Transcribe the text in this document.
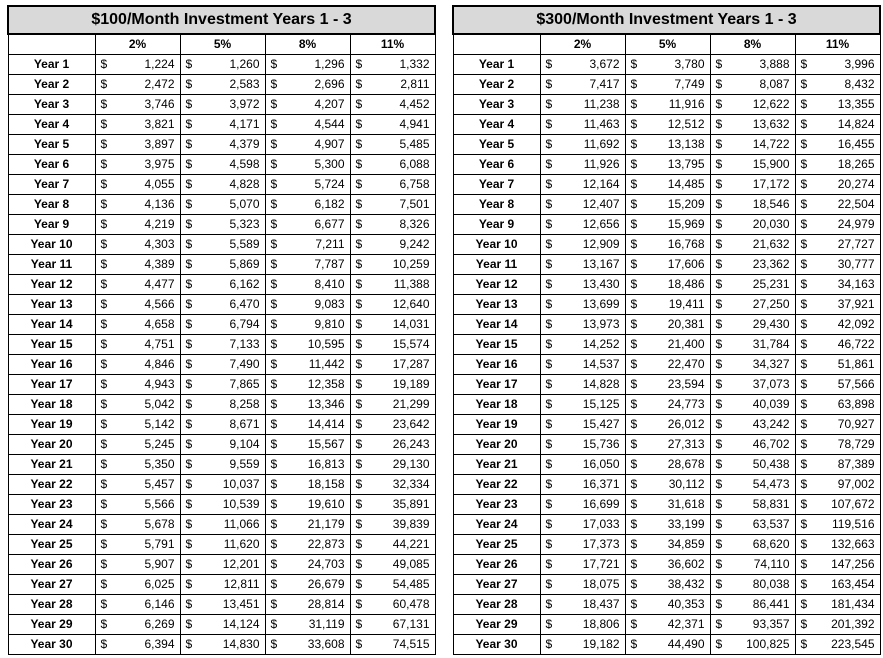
$100/Month Investment Years 1 - 3				
	2%	5%	8%	11%
Year 1	$ 1,224	$ 1,260	$ 1,296	$ 1,332

Year 2	$ 2,472	$ 2,583	$ 2,696	$ 2,811

Year 3	$ 3,746	$ 3,972	$ 4,207	$ 4,452

Year 4	$ 3,821	$ 4,171	$ 4,544	$ 4,941

Year 5	$ 3,897	$ 4,379	$ 4,907	$ 5,485

Year 6	$ 3,975	$ 4,598	$ 5,300	$ 6,088

Year 7	$ 4,055	$ 4,828	$ 5,724	$ 6,758

Year 8	$ 4,136	$ 5,070	$ 6,182	$ 7,501

Year 9	$ 4,219	$ 5,323	$ 6,677	$ 8,326

Year 10	$ 4,303	$ 5,589	$ 7,211	$ 9,242

Year 11	$ 4,389	$ 5,869	$ 7,787	$ 10,259

Year 12	$ 4,477	$ 6,162	$ 8,410	$ 11,388

Year 13	$ 4,566	$ 6,470	$ 9,083	$ 12,640

Year 14	$ 4,658	$ 6,794	$ 9,810	$ 14,031

Year 15	$ 4,751	$ 7,133	$ 10,595	$ 15,574

Year 16	$ 4,846	$ 7,490	$ 11,442	$ 17,287

Year 17	$ 4,943	$ 7,865	$ 12,358	$ 19,189

Year 18	$ 5,042	$ 8,258	$ 13,346	$ 21,299

Year 19	$ 5,142	$ 8,671	$ 14,414	$ 23,642

Year 20	$ 5,245	$ 9,104	$ 15,567	$ 26,243

Year 21	$ 5,350	$ 9,559	$ 16,813	$ 29,130

Year 22	$ 5,457	$ 10,037	$ 18,158	$ 32,334

Year 23	$ 5,566	$ 10,539	$ 19,610	$ 35,891

Year 24	$ 5,678	$ 11,066	$ 21,179	$ 39,839

Year 25	$ 5,791	$ 11,620	$ 22,873	$ 44,221

Year 26	$ 5,907	$ 12,201	$ 24,703	$ 49,085

Year 27	$ 6,025	$ 12,811	$ 26,679	$ 54,485

Year 28	$ 6,146	$ 13,451	$ 28,814	$ 60,478

Year 29	$ 6,269	$ 14,124	$ 31,119	$ 67,131

Year 30	$ 6,394	$ 14,830	$ 33,608	$ 74,515
$300/Month Investment Years 1 - 3				
	2%	5%	8%	11%
Year 1	$ 3,672	$ 3,780	$ 3,888	$ 3,996

Year 2	$ 7,417	$ 7,749	$ 8,087	$ 8,432

Year 3	$ 11,238	$ 11,916	$ 12,622	$ 13,355

Year 4	$ 11,463	$ 12,512	$ 13,632	$ 14,824

Year 5	$ 11,692	$ 13,138	$ 14,722	$ 16,455

Year 6	$ 11,926	$ 13,795	$ 15,900	$ 18,265

Year 7	$ 12,164	$ 14,485	$ 17,172	$ 20,274

Year 8	$ 12,407	$ 15,209	$ 18,546	$ 22,504

Year 9	$ 12,656	$ 15,969	$ 20,030	$ 24,979

Year 10	$ 12,909	$ 16,768	$ 21,632	$ 27,727

Year 11	$ 13,167	$ 17,606	$ 23,362	$ 30,777

Year 12	$ 13,430	$ 18,486	$ 25,231	$ 34,163

Year 13	$ 13,699	$ 19,411	$ 27,250	$ 37,921

Year 14	$ 13,973	$ 20,381	$ 29,430	$ 42,092

Year 15	$ 14,252	$ 21,400	$ 31,784	$ 46,722

Year 16	$ 14,537	$ 22,470	$ 34,327	$ 51,861

Year 17	$ 14,828	$ 23,594	$ 37,073	$ 57,566

Year 18	$ 15,125	$ 24,773	$ 40,039	$ 63,898

Year 19	$ 15,427	$ 26,012	$ 43,242	$ 70,927

Year 20	$ 15,736	$ 27,313	$ 46,702	$ 78,729

Year 21	$ 16,050	$ 28,678	$ 50,438	$ 87,389

Year 22	$ 16,371	$ 30,112	$ 54,473	$ 97,002

Year 23	$ 16,699	$ 31,618	$ 58,831	$ 107,672

Year 24	$ 17,033	$ 33,199	$ 63,537	$ 119,516

Year 25	$ 17,373	$ 34,859	$ 68,620	$ 132,663

Year 26	$ 17,721	$ 36,602	$ 74,110	$ 147,256

Year 27	$ 18,075	$ 38,432	$ 80,038	$ 163,454

Year 28	$ 18,437	$ 40,353	$ 86,441	$ 181,434

Year 29	$ 18,806	$ 42,371	$ 93,357	$ 201,392

Year 30	$ 19,182	$ 44,490	$ 100,825	$ 223,545
